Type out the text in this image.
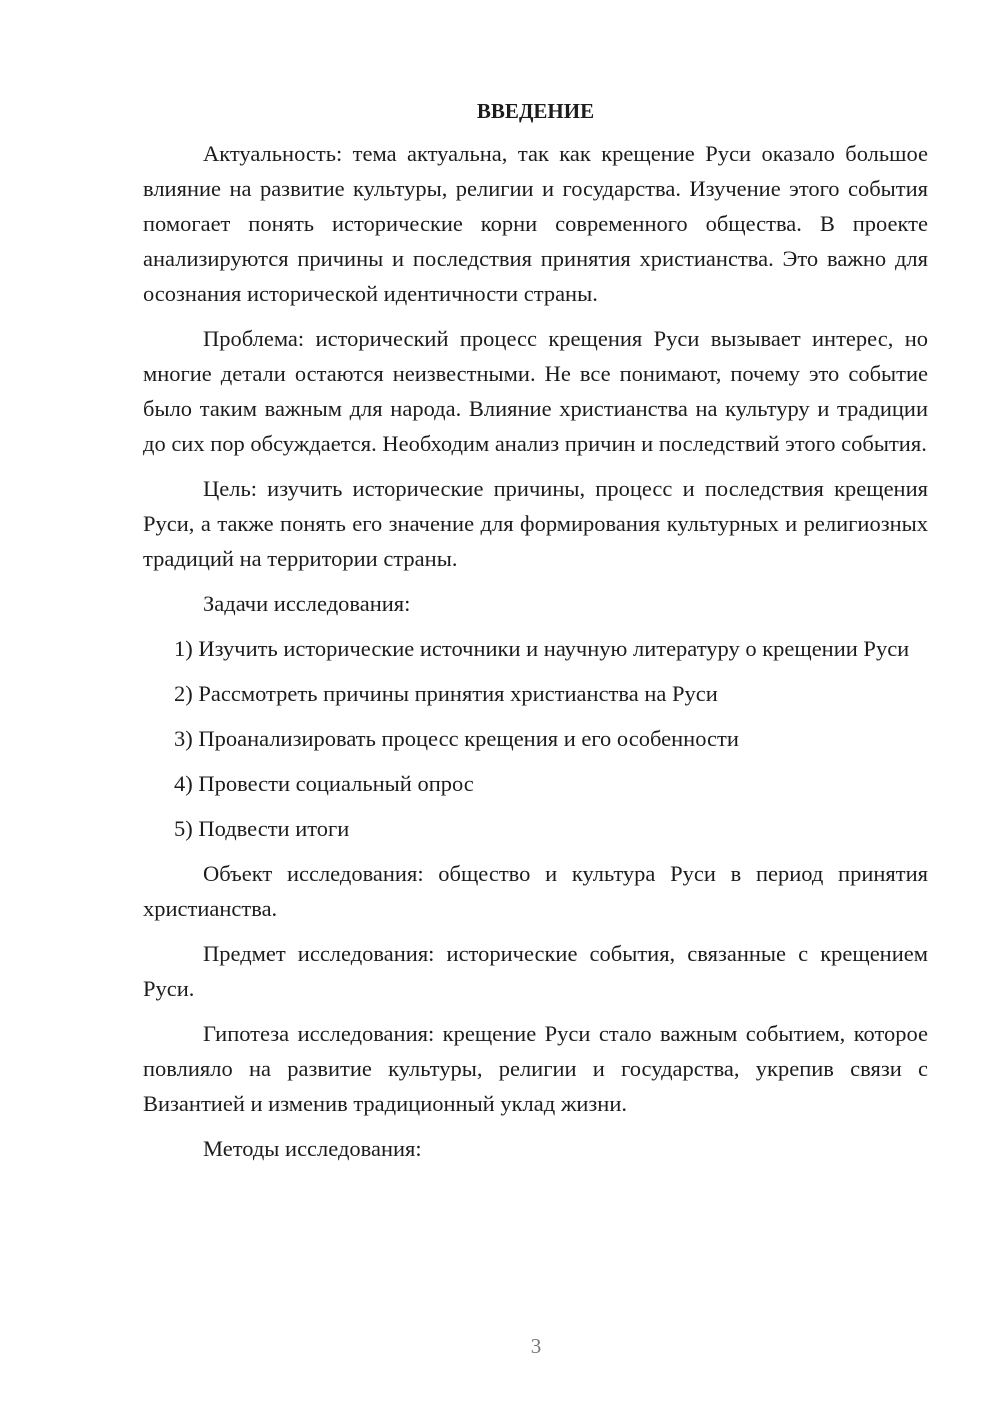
ВВЕДЕНИЕ

Актуальность: тема актуальна, так как крещение Руси оказало большое влияние на развитие культуры, религии и государства. Изучение этого события помогает понять исторические корни современного общества. В проекте анализируются причины и последствия принятия христианства. Это важно для осознания исторической идентичности страны.

Проблема: исторический процесс крещения Руси вызывает интерес, но многие детали остаются неизвестными. Не все понимают, почему это событие было таким важным для народа. Влияние христианства на культуру и традиции до сих пор обсуждается. Необходим анализ причин и последствий этого события.

Цель: изучить исторические причины, процесс и последствия крещения Руси, а также понять его значение для формирования культурных и религиозных традиций на территории страны.

Задачи исследования:

1) Изучить исторические источники и научную литературу о крещении Руси
2) Рассмотреть причины принятия христианства на Руси
3) Проанализировать процесс крещения и его особенности
4) Провести социальный опрос
5) Подвести итоги

Объект исследования: общество и культура Руси в период принятия христианства.

Предмет исследования: исторические события, связанные с крещением Руси.

Гипотеза исследования: крещение Руси стало важным событием, которое повлияло на развитие культуры, религии и государства, укрепив связи с Византией и изменив традиционный уклад жизни.

Методы исследования:

3
